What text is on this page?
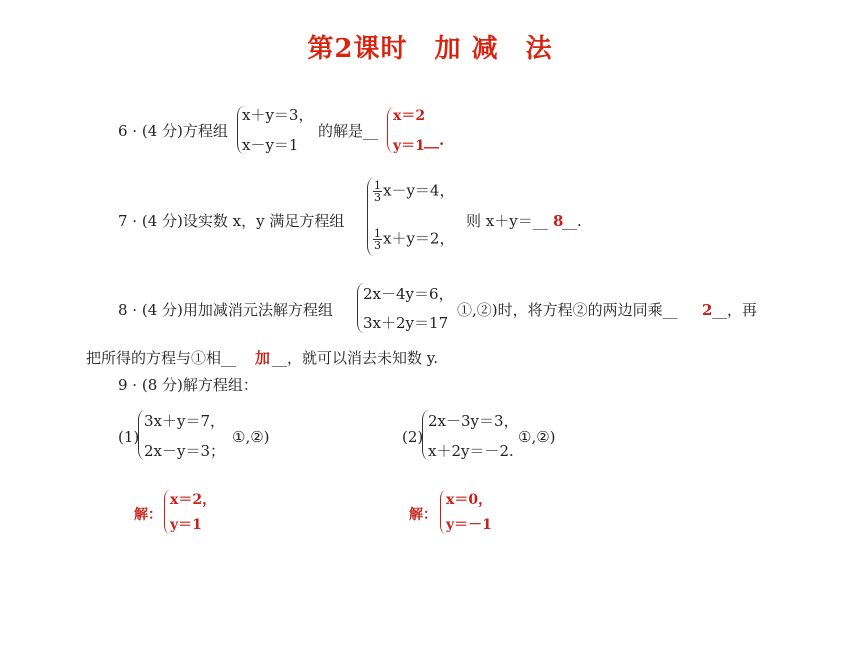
第2课时　加 减　法
6 · (4 分)方程组
x＋y＝3，
x－y＝1
的解是__
x＝2
y＝1 __.
7 · (4 分)设实数 x，y 满足方程组
$\frac{1}{3} x-y=4$，
$\frac{1}{3} x+y=2$，
则 x＋y＝__ 8
__.
8 · (4 分)用加减消元法解方程组
2x－4y＝6，
3x＋2y＝17
①,②)时，将方程②的两边同乘__ 2 __，再
把所得的方程与①相__ 加 __，就可以消去未知数 y.
9 · (8 分)解方程组：
(1)
3x＋y＝7，
2x－y＝3；
①,②)
解：
x＝2，
y＝1
(2)
2x－3y＝3，
x＋2y＝－2.
①,②)
解：
x＝0，
y＝－1
